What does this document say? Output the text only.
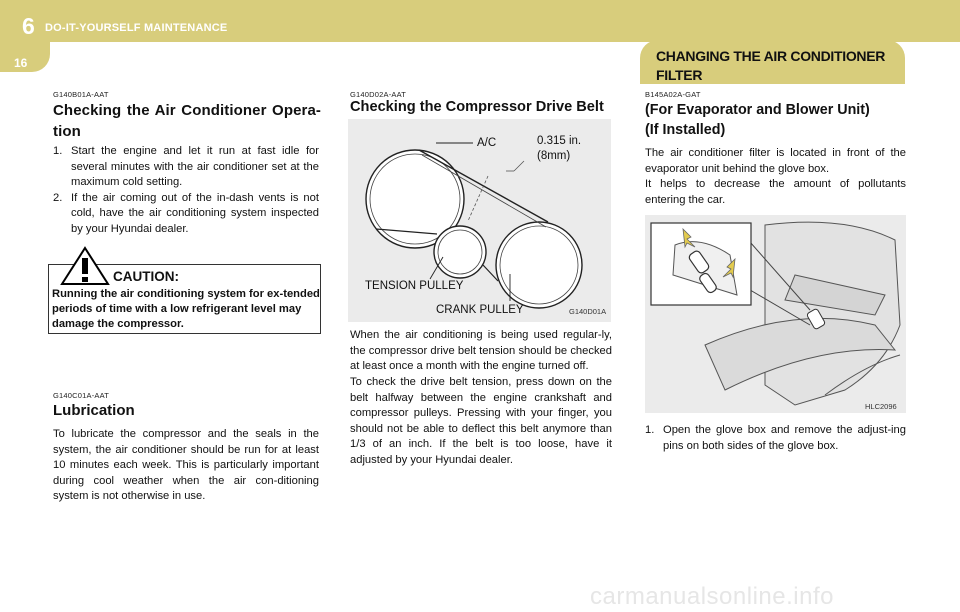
6 DO-IT-YOURSELF MAINTENANCE
16	CHANGING THE AIR CONDITIONER FILTER
G140B01A-AAT
Checking the Air Conditioner Opera-tion
1. Start the engine and let it run at fast idle for several minutes with the air conditioner set at the maximum cold setting.
2. If the air coming out of the in-dash vents is not cold, have the air conditioning system inspected by your Hyundai dealer.
CAUTION:
Running the air conditioning system for ex-tended periods of time with a low refrigerant level may damage the compressor.
G140C01A-AAT
Lubrication
To lubricate the compressor and the seals in the system, the air conditioner should be run for at least 10 minutes each week. This is particularly important during cool weather when the air con-ditioning system is not otherwise in use.
G140D02A-AAT
Checking the Compressor Drive Belt
A/C	0.315 in.
(8mm)
TENSION PULLEY
CRANK PULLEY	G140D01A
When the air conditioning is being used regular-ly, the compressor drive belt tension should be checked at least once a month with the engine turned off.
To check the drive belt tension, press down on the belt halfway between the engine crankshaft and compressor pulleys. Pressing with your finger, you should not be able to deflect this belt anymore than 1/3 of an inch. If the belt is too loose, have it adjusted by your Hyundai dealer.
B145A02A-GAT
(For Evaporator and Blower Unit)
(If Installed)
The air conditioner filter is located in front of the evaporator unit behind the glove box.
It helps to decrease the amount of pollutants entering the car.
HLC2096
1. Open the glove box and remove the adjust-ing pins on both sides of the glove box.
carmanualsonline.info
